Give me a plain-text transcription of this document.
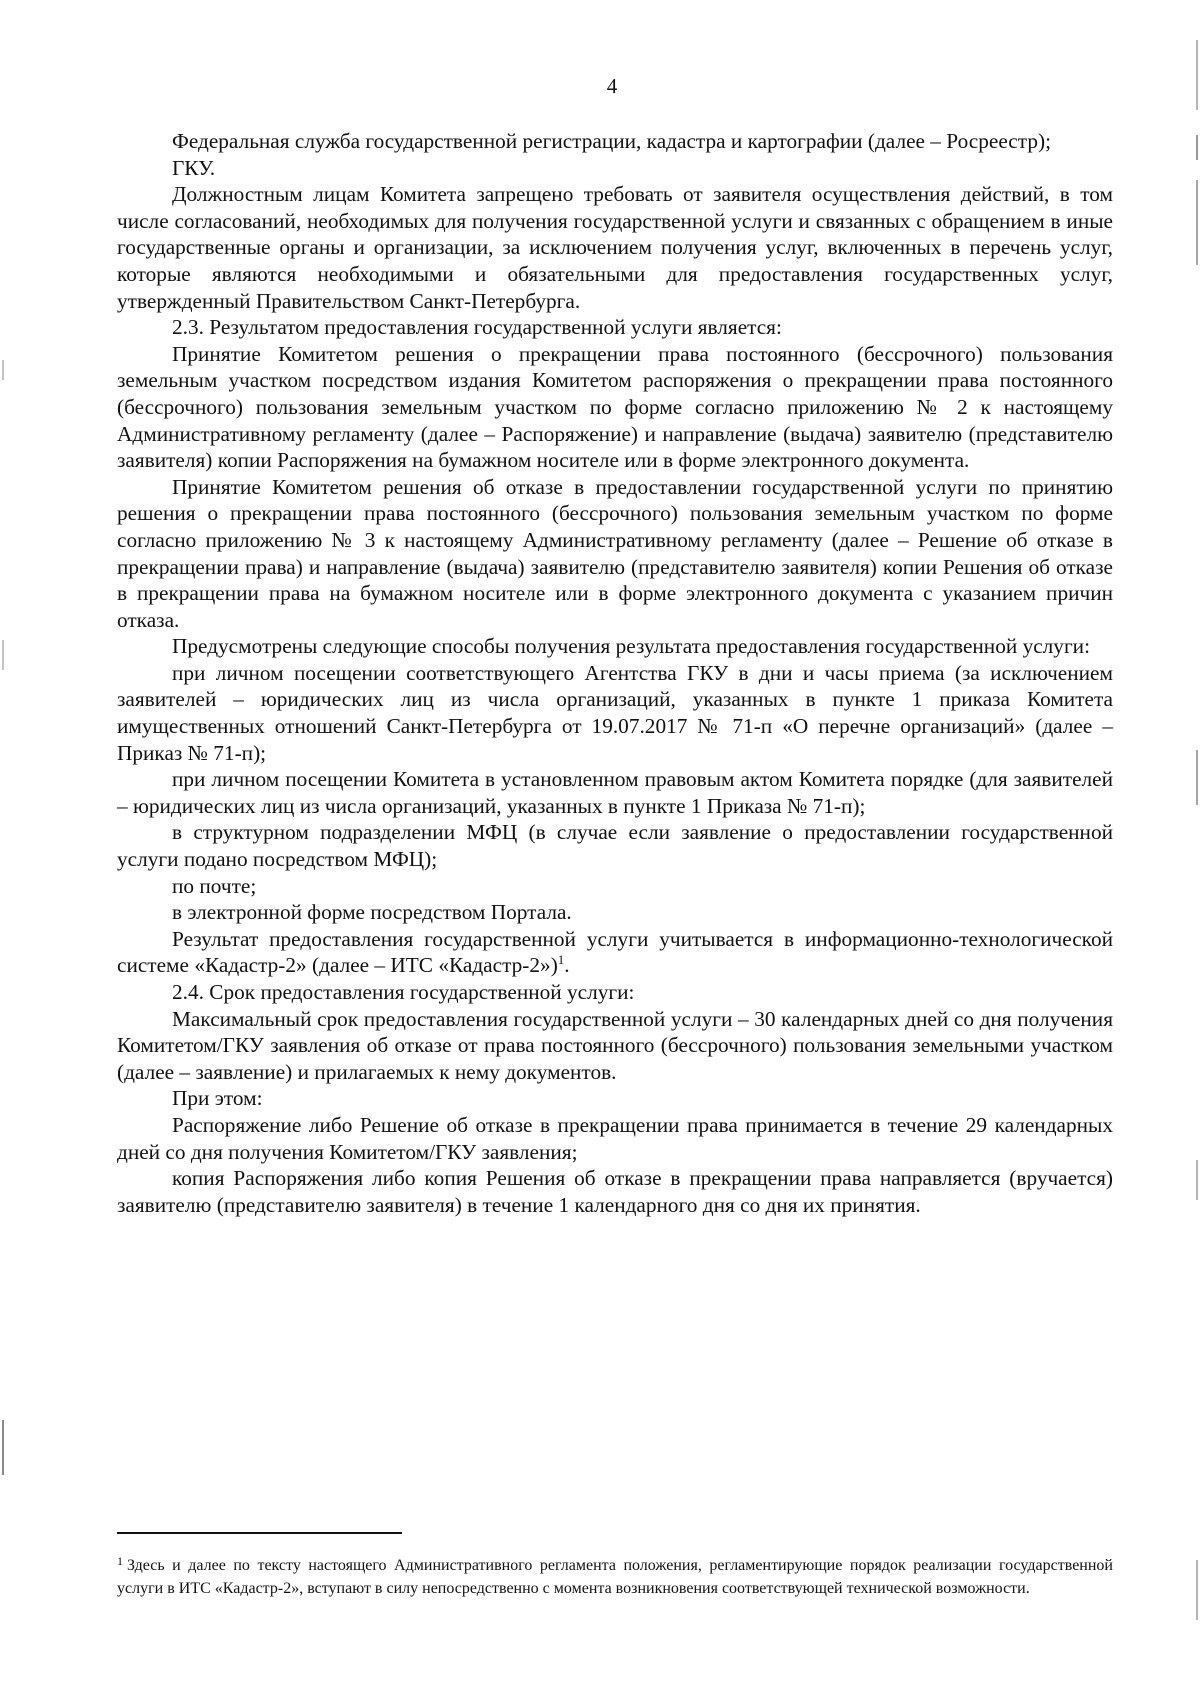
4

Федеральная служба государственной регистрации, кадастра и картографии (далее – Росреестр);

ГКУ.

Должностным лицам Комитета запрещено требовать от заявителя осуществления действий, в том числе согласований, необходимых для получения государственной услуги и связанных с обращением в иные государственные органы и организации, за исключением получения услуг, включенных в перечень услуг, которые являются необходимыми и обязательными для предоставления государственных услуг, утвержденный Правительством Санкт-Петербурга.

2.3. Результатом предоставления государственной услуги является:

Принятие Комитетом решения о прекращении права постоянного (бессрочного) пользования земельным участком посредством издания Комитетом распоряжения о прекращении права постоянного (бессрочного) пользования земельным участком по форме согласно приложению № 2 к настоящему Административному регламенту (далее – Распоряжение) и направление (выдача) заявителю (представителю заявителя) копии Распоряжения на бумажном носителе или в форме электронного документа.

Принятие Комитетом решения об отказе в предоставлении государственной услуги по принятию решения о прекращении права постоянного (бессрочного) пользования земельным участком по форме согласно приложению № 3 к настоящему Административному регламенту (далее – Решение об отказе в прекращении права) и направление (выдача) заявителю (представителю заявителя) копии Решения об отказе в прекращении права на бумажном носителе или в форме электронного документа с указанием причин отказа.

Предусмотрены следующие способы получения результата предоставления государственной услуги:

при личном посещении соответствующего Агентства ГКУ в дни и часы приема (за исключением заявителей – юридических лиц из числа организаций, указанных в пункте 1 приказа Комитета имущественных отношений Санкт-Петербурга от 19.07.2017 № 71-п «О перечне организаций» (далее – Приказ № 71-п);

при личном посещении Комитета в установленном правовым актом Комитета порядке (для заявителей – юридических лиц из числа организаций, указанных в пункте 1 Приказа № 71-п);

в структурном подразделении МФЦ (в случае если заявление о предоставлении государственной услуги подано посредством МФЦ);

по почте;

в электронной форме посредством Портала.

Результат предоставления государственной услуги учитывается в информационно-технологической системе «Кадастр-2» (далее – ИТС «Кадастр-2»)$^1$.

2.4. Срок предоставления государственной услуги:

Максимальный срок предоставления государственной услуги – 30 календарных дней со дня получения Комитетом/ГКУ заявления об отказе от права постоянного (бессрочного) пользования земельными участком (далее – заявление) и прилагаемых к нему документов.

При этом:

Распоряжение либо Решение об отказе в прекращении права принимается в течение 29 календарных дней со дня получения Комитетом/ГКУ заявления;

копия Распоряжения либо копия Решения об отказе в прекращении права направляется (вручается) заявителю (представителю заявителя) в течение 1 календарного дня со дня их принятия.

$^1$ Здесь и далее по тексту настоящего Административного регламента положения, регламентирующие порядок реализации государственной услуги в ИТС «Кадастр-2», вступают в силу непосредственно с момента возникновения соответствующей технической возможности.
